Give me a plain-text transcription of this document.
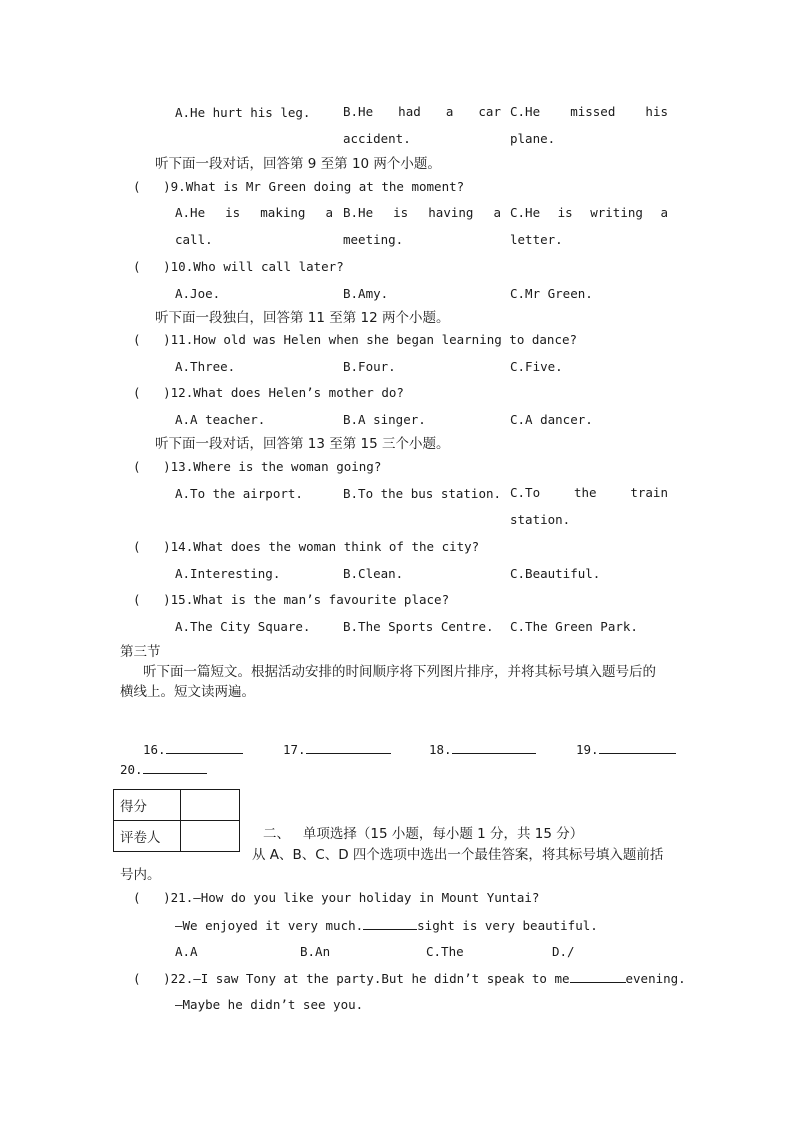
A.He hurt his leg.	B.He had a car
accident.
C.He missed his
plane.
听下面一段对话，回答第 9 至第 10 两个小题。
( )9.What is Mr Green doing at the moment?
A.He is making a
call.
B.He is having a
meeting.
C.He is writing a
letter.
( )10.Who will call later?
A.Joe.	B.Amy.	C.Mr Green.
听下面一段独白，回答第 11 至第 12 两个小题。
( )11.How old was Helen when she began learning to dance?
A.Three.	B.Four.	C.Five.
( )12.What does Helen’s mother do?
A.A teacher.	B.A singer.	C.A dancer.
听下面一段对话，回答第 13 至第 15 三个小题。
( )13.Where is the woman going?
A.To the airport.	B.To the bus station. C.To	the	train
station.
( )14.What does the woman think of the city?
A.Interesting.	B.Clean.	C.Beautiful.
( )15.What is the man’s favourite place?
A.The City Square.	B.The Sports Centre. C.The Green Park.
第三节
听下面一篇短文。根据活动安排的时间顺序将下列图片排序，并将其标号填入题号后的
横线上。短文读两遍。
16.	17.	18.	19.
20.
得分	
评卷人		二、 单项选择（15 小题，每小题 1 分，共 15 分）
从 A、B、C、D 四个选项中选出一个最佳答案，将其标号填入题前括
号内。
( )21.—How do you like your holiday in Mount Yuntai?
—We enjoyed it very much.	sight is very beautiful.
A.A	B.An	C.The	D./
( )22.—I saw Tony at the party.But he didn’t speak to me	evening.
—Maybe he didn’t see you.
